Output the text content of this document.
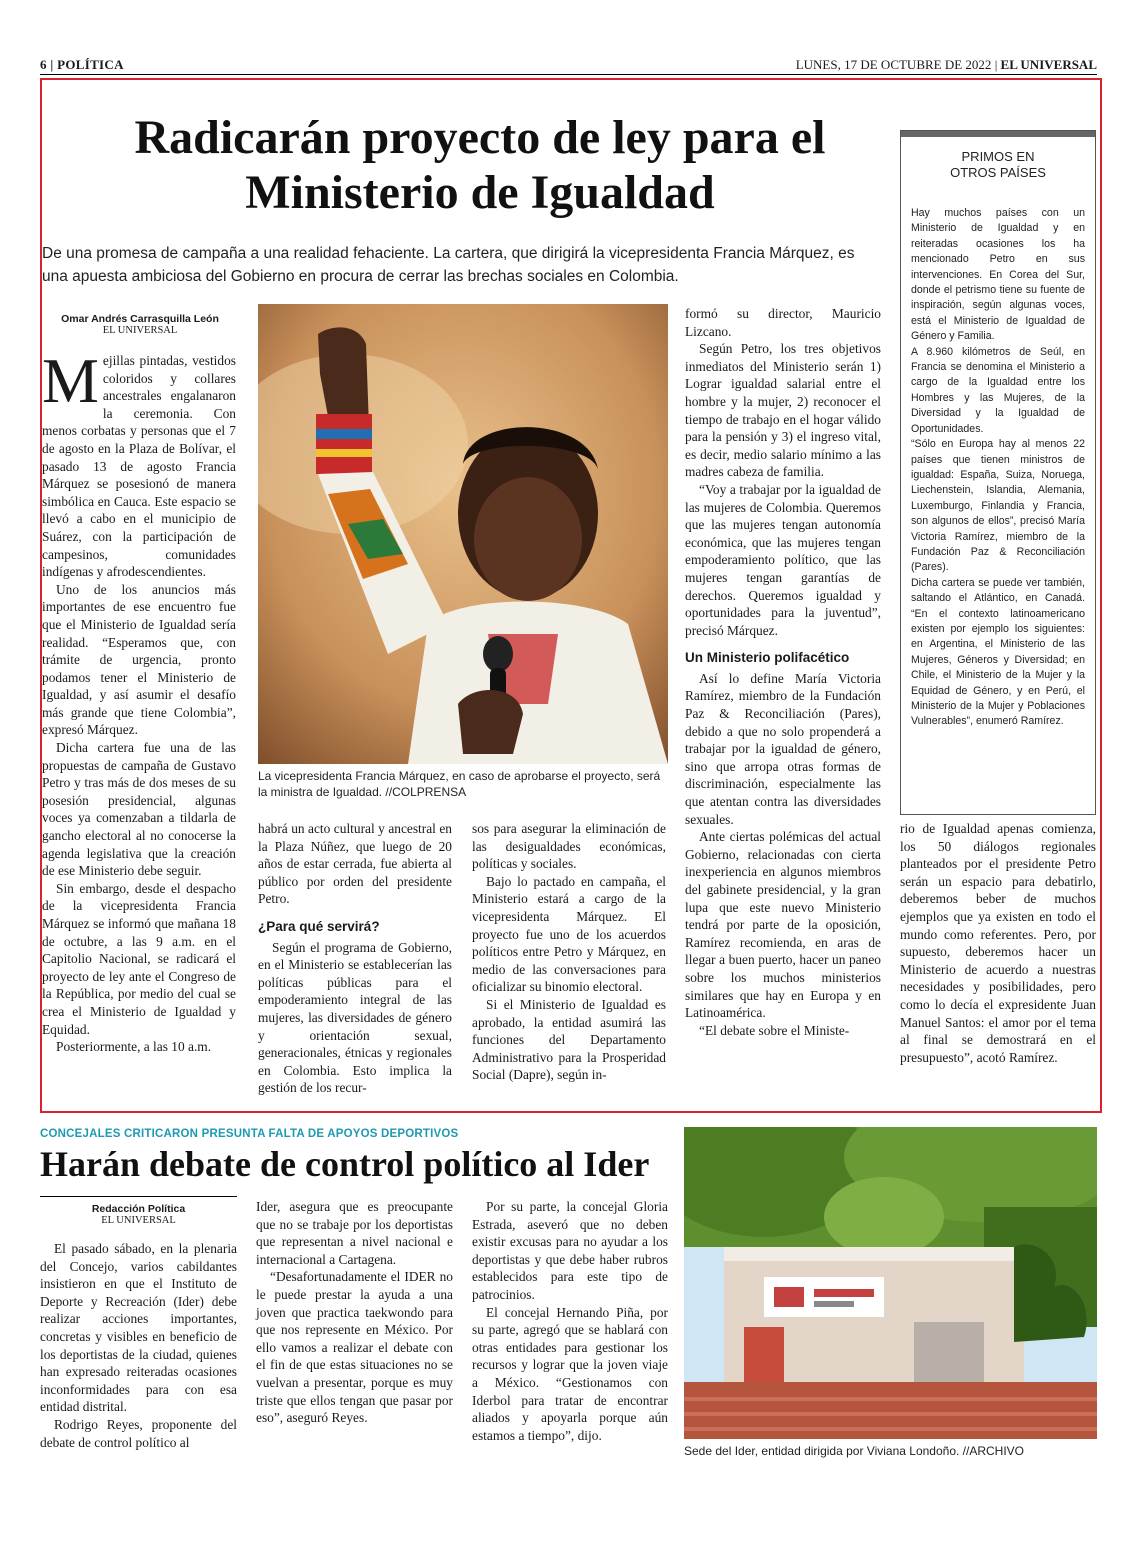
6 | POLÍTICA	LUNES, 17 DE OCTUBRE DE 2022 | EL UNIVERSAL
Radicarán proyecto de ley para el Ministerio de Igualdad

De una promesa de campaña a una realidad fehaciente. La cartera, que dirigirá la vicepresidenta Francia Márquez, es una apuesta ambiciosa del Gobierno en procura de cerrar las brechas sociales en Colombia.

Omar Andrés Carrasquilla León
EL UNIVERSAL

Mejillas pintadas, vestidos coloridos y collares ancestrales engalanaron la ceremonia. Con menos corbatas y personas que el 7 de agosto en la Plaza de Bolívar, el pasado 13 de agosto Francia Márquez se posesionó de manera simbólica en Cauca. Este espacio se llevó a cabo en el municipio de Suárez, con la participación de campesinos, comunidades indígenas y afrodescendientes.

Uno de los anuncios más importantes de ese encuentro fue que el Ministerio de Igualdad sería realidad. “Esperamos que, con trámite de urgencia, pronto podamos tener el Ministerio de Igualdad, y así asumir el desafío más grande que tiene Colombia”, expresó Márquez.

Dicha cartera fue una de las propuestas de campaña de Gustavo Petro y tras más de dos meses de su posesión presidencial, algunas voces ya comenzaban a tildarla de gancho electoral al no conocerse la agenda legislativa que la creación de ese Ministerio debe seguir.

Sin embargo, desde el despacho de la vicepresidenta Francia Márquez se informó que mañana 18 de octubre, a las 9 a.m. en el Capitolio Nacional, se radicará el proyecto de ley ante el Congreso de la República, por medio del cual se crea el Ministerio de Igualdad y Equidad.

Posteriormente, a las 10 a.m.

La vicepresidenta Francia Márquez, en caso de aprobarse el proyecto, será la ministra de Igualdad. //COLPRENSA

habrá un acto cultural y ancestral en la Plaza Núñez, que luego de 20 años de estar cerrada, fue abierta al público por orden del presidente Petro.

¿Para qué servirá?

Según el programa de Gobierno, en el Ministerio se establecerían las políticas públicas para el empoderamiento integral de las mujeres, las diversidades de género y orientación sexual, generacionales, étnicas y regionales en Colombia. Esto implica la gestión de los recur-

sos para asegurar la eliminación de las desigualdades económicas, políticas y sociales.

Bajo lo pactado en campaña, el Ministerio estará a cargo de la vicepresidenta Márquez. El proyecto fue uno de los acuerdos políticos entre Petro y Márquez, en medio de las conversaciones para oficializar su binomio electoral.

Si el Ministerio de Igualdad es aprobado, la entidad asumirá las funciones del Departamento Administrativo para la Prosperidad Social (Dapre), según in-

formó su director, Mauricio Lizcano.

Según Petro, los tres objetivos inmediatos del Ministerio serán 1) Lograr igualdad salarial entre el hombre y la mujer, 2) reconocer el tiempo de trabajo en el hogar válido para la pensión y 3) el ingreso vital, es decir, medio salario mínimo a las madres cabeza de familia.

“Voy a trabajar por la igualdad de las mujeres de Colombia. Queremos que las mujeres tengan autonomía económica, que las mujeres tengan empoderamiento político, que las mujeres tengan garantías de derechos. Queremos igualdad y oportunidades para la juventud”, precisó Márquez.

Un Ministerio polifacético

Así lo define María Victoria Ramírez, miembro de la Fundación Paz & Reconciliación (Pares), debido a que no solo propenderá a trabajar por la igualdad de género, sino que arropa otras formas de discriminación, especialmente las que atentan contra las diversidades sexuales.

Ante ciertas polémicas del actual Gobierno, relacionadas con cierta inexperiencia en algunos miembros del gabinete presidencial, y la gran lupa que este nuevo Ministerio tendrá por parte de la oposición, Ramírez recomienda, en aras de llegar a buen puerto, hacer un paneo sobre los muchos ministerios similares que hay en Europa y en Latinoamérica.

“El debate sobre el Ministe-

rio de Igualdad apenas comienza, los 50 diálogos regionales planteados por el presidente Petro serán un espacio para debatirlo, deberemos beber de muchos ejemplos que ya existen en todo el mundo como referentes. Pero, por supuesto, deberemos hacer un Ministerio de acuerdo a nuestras necesidades y posibilidades, pero como lo decía el expresidente Juan Manuel Santos: el amor por el tema al final se demostrará en el presupuesto”, acotó Ramírez.

PRIMOS EN
OTROS PAÍSES

Hay muchos países con un Ministerio de Igualdad y en reiteradas ocasiones los ha mencionado Petro en sus intervenciones. En Corea del Sur, donde el petrismo tiene su fuente de inspiración, según algunas voces, está el Ministerio de Igualdad de Género y Familia.

A 8.960 kilómetros de Seúl, en Francia se denomina el Ministerio a cargo de la Igualdad entre los Hombres y las Mujeres, de la Diversidad y la Igualdad de Oportunidades.

“Sólo en Europa hay al menos 22 países que tienen ministros de igualdad: España, Suiza, Noruega, Liechenstein, Islandia, Alemania, Luxemburgo, Finlandia y Francia, son algunos de ellos”, precisó María Victoria Ramírez, miembro de la Fundación Paz & Reconciliación (Pares).

Dicha cartera se puede ver también, saltando el Atlántico, en Canadá. “En el contexto latinoamericano existen por ejemplo los siguientes: en Argentina, el Ministerio de las Mujeres, Géneros y Diversidad; en Chile, el Ministerio de la Mujer y la Equidad de Género, y en Perú, el Ministerio de la Mujer y Poblaciones Vulnerables”, enumeró Ramírez.

CONCEJALES CRITICARON PRESUNTA FALTA DE APOYOS DEPORTIVOS
Harán debate de control político al Ider
Redacción Política
EL UNIVERSAL

El pasado sábado, en la plenaria del Concejo, varios cabildantes insistieron en que el Instituto de Deporte y Recreación (Ider) debe realizar acciones importantes, concretas y visibles en beneficio de los deportistas de la ciudad, quienes han expresado reiteradas ocasiones inconformidades para con esa entidad distrital.

Rodrigo Reyes, proponente del debate de control político al

Ider, asegura que es preocupante que no se trabaje por los deportistas que representan a nivel nacional e internacional a Cartagena.

“Desafortunadamente el IDER no le puede prestar la ayuda a una joven que practica taekwondo para que nos represente en México. Por ello vamos a realizar el debate con el fin de que estas situaciones no se vuelvan a presentar, porque es muy triste que ellos tengan que pasar por eso”, aseguró Reyes.

Por su parte, la concejal Gloria Estrada, aseveró que no deben existir excusas para no ayudar a los deportistas y que debe haber rubros establecidos para este tipo de patrocinios.

El concejal Hernando Piña, por su parte, agregó que se hablará con otras entidades para gestionar los recursos y lograr que la joven viaje a México. “Gestionamos con Iderbol para tratar de encontrar aliados y apoyarla porque aún estamos a tiempo”, dijo.

Sede del Ider, entidad dirigida por Viviana Londoño. //ARCHIVO
